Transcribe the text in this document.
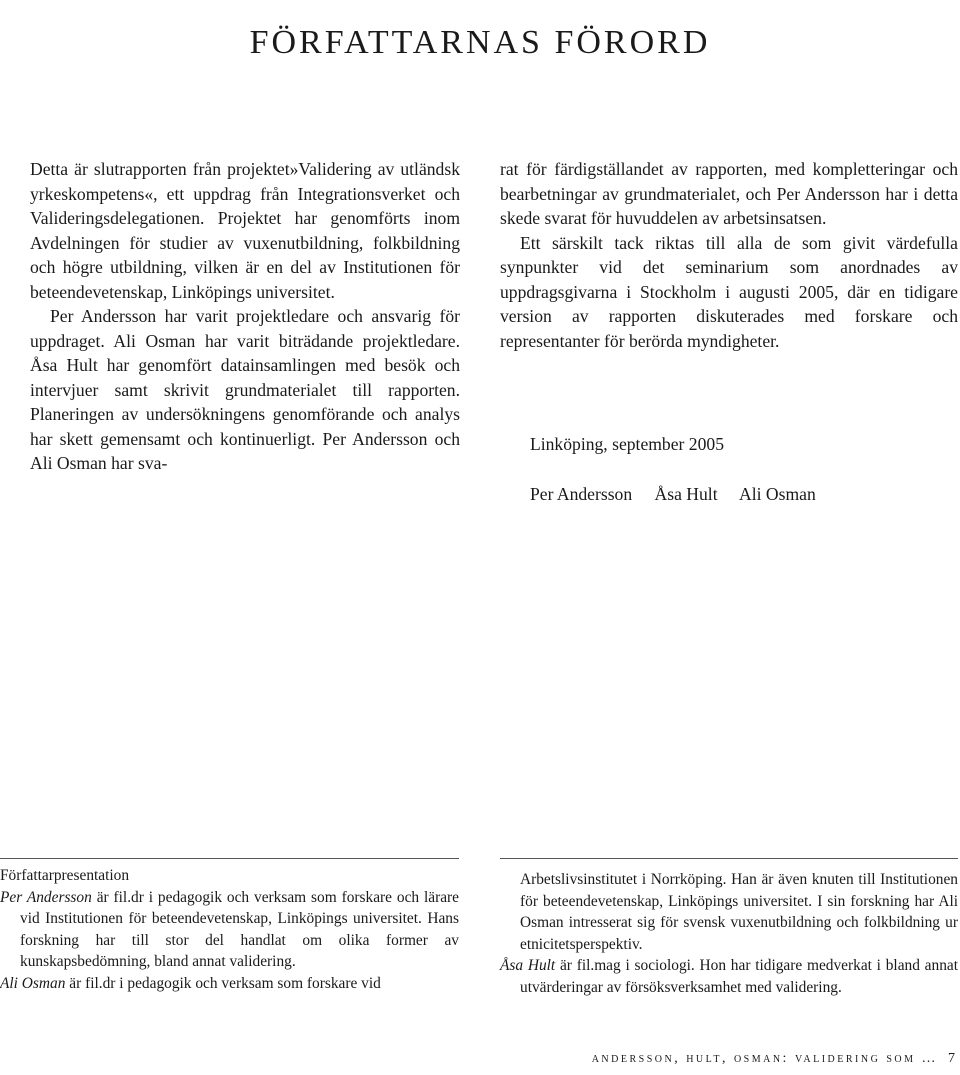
FÖRFATTARNAS FÖRORD

Detta är slutrapporten från projektet»Validering av utländsk yrkeskompetens«, ett uppdrag från Integrationsverket och Valideringsdelegationen. Projektet har genomförts inom Avdelningen för studier av vuxenutbildning, folkbildning och högre utbildning, vilken är en del av Institutionen för beteendevetenskap, Linköpings universitet.

Per Andersson har varit projektledare och ansvarig för uppdraget. Ali Osman har varit biträdande projektledare. Åsa Hult har genomfört datainsamlingen med besök och intervjuer samt skrivit grundmaterialet till rapporten. Planeringen av undersökningens genomförande och analys har skett gemensamt och kontinuerligt. Per Andersson och Ali Osman har sva-

rat för färdigställandet av rapporten, med kompletteringar och bearbetningar av grundmaterialet, och Per Andersson har i detta skede svarat för huvuddelen av arbetsinsatsen.

Ett särskilt tack riktas till alla de som givit värdefulla synpunkter vid det seminarium som anordnades av uppdragsgivarna i Stockholm i augusti 2005, där en tidigare version av rapporten diskuterades med forskare och representanter för berörda myndigheter.

Linköping, september 2005
Per Andersson Åsa Hult Ali Osman

Författarpresentation

Per Andersson är fil.dr i pedagogik och verksam som forskare och lärare vid Institutionen för beteendevetenskap, Linköpings universitet. Hans forskning har till stor del handlat om olika former av kunskapsbedömning, bland annat validering.

Ali Osman är fil.dr i pedagogik och verksam som forskare vid

Arbetslivsinstitutet i Norrköping. Han är även knuten till Institutionen för beteendevetenskap, Linköpings universitet. I sin forskning har Ali Osman intresserat sig för svensk vuxenutbildning och folkbildning ur etnicitetsperspektiv.

Åsa Hult är fil.mag i sociologi. Hon har tidigare medverkat i bland annat utvärderingar av försöksverksamhet med validering.

andersson, hult, osman: validering som … 7
